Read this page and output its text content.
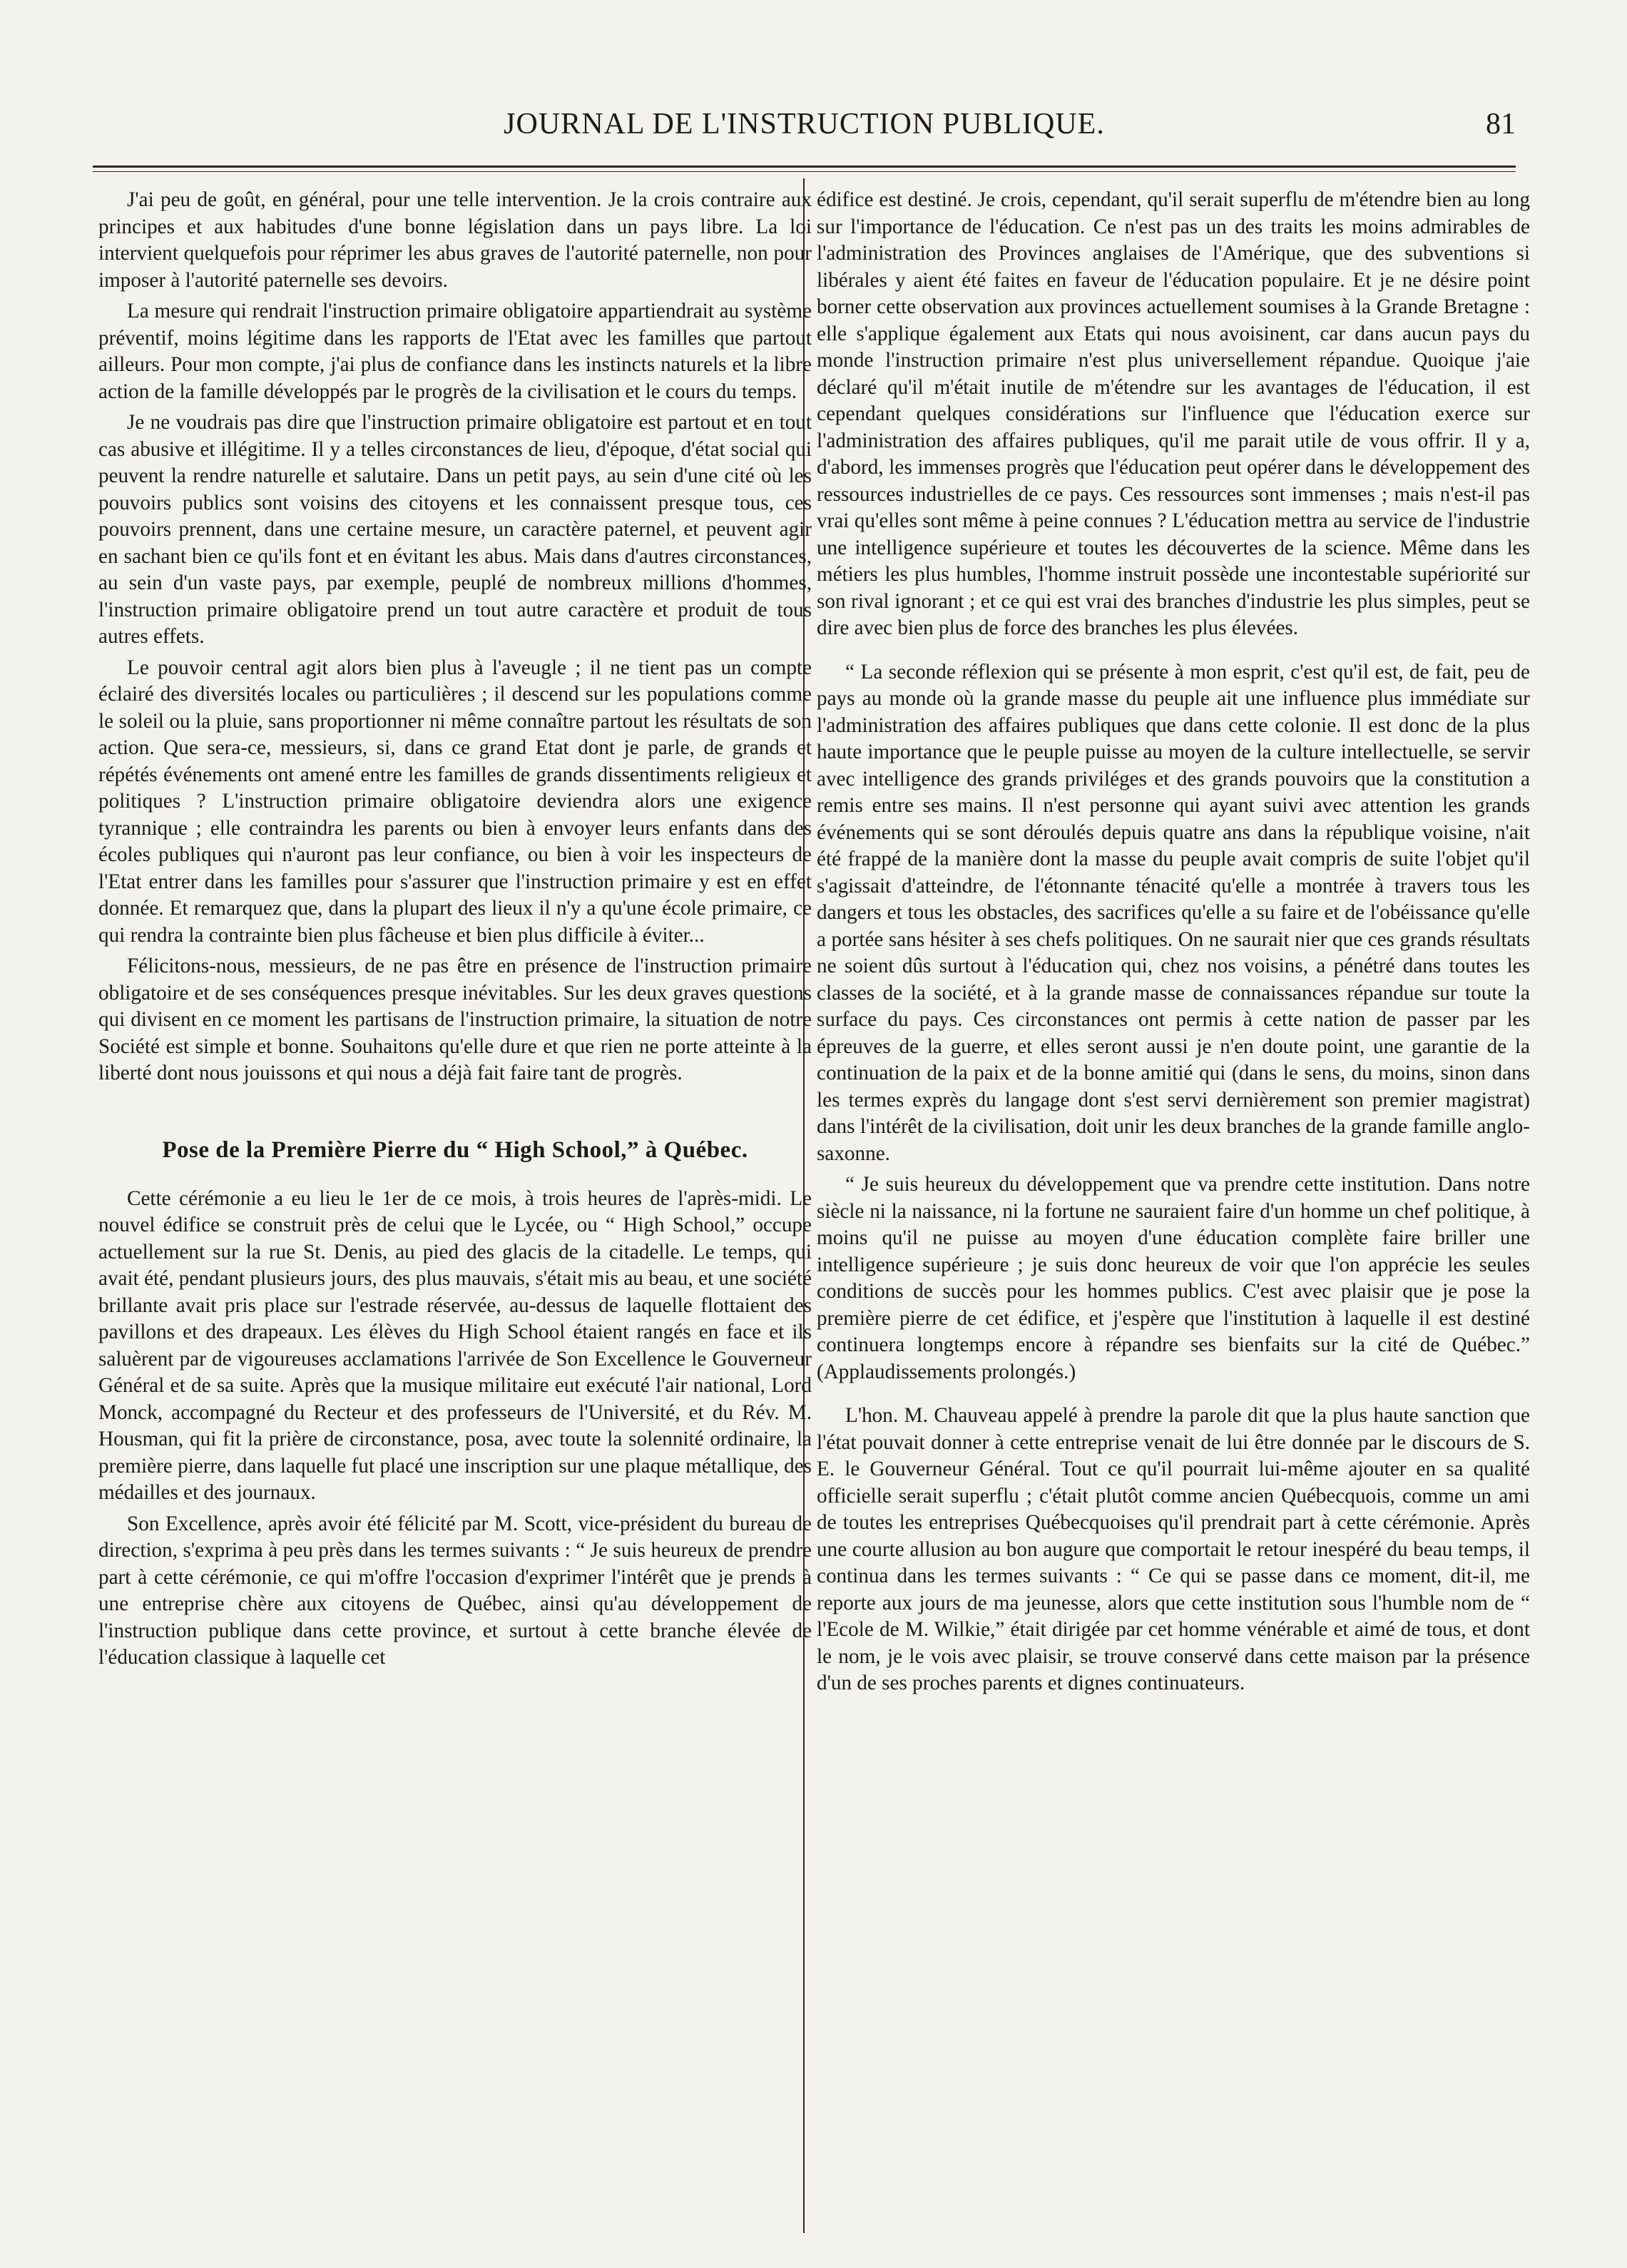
JOURNAL DE L'INSTRUCTION PUBLIQUE.	81

J'ai peu de goût, en général, pour une telle intervention. Je la crois contraire aux principes et aux habitudes d'une bonne législation dans un pays libre. La loi intervient quelquefois pour réprimer les abus graves de l'autorité paternelle, non pour imposer à l'autorité paternelle ses devoirs.

La mesure qui rendrait l'instruction primaire obligatoire appartiendrait au système préventif, moins légitime dans les rapports de l'Etat avec les familles que partout ailleurs. Pour mon compte, j'ai plus de confiance dans les instincts naturels et la libre action de la famille développés par le progrès de la civilisation et le cours du temps.

Je ne voudrais pas dire que l'instruction primaire obligatoire est partout et en tout cas abusive et illégitime. Il y a telles circonstances de lieu, d'époque, d'état social qui peuvent la rendre naturelle et salutaire. Dans un petit pays, au sein d'une cité où les pouvoirs publics sont voisins des citoyens et les connaissent presque tous, ces pouvoirs prennent, dans une certaine mesure, un caractère paternel, et peuvent agir en sachant bien ce qu'ils font et en évitant les abus. Mais dans d'autres circonstances, au sein d'un vaste pays, par exemple, peuplé de nombreux millions d'hommes, l'instruction primaire obligatoire prend un tout autre caractère et produit de tous autres effets.

Le pouvoir central agit alors bien plus à l'aveugle ; il ne tient pas un compte éclairé des diversités locales ou particulières ; il descend sur les populations comme le soleil ou la pluie, sans proportionner ni même connaître partout les résultats de son action. Que sera-ce, messieurs, si, dans ce grand Etat dont je parle, de grands et répétés événements ont amené entre les familles de grands dissentiments religieux et politiques ? L'instruction primaire obligatoire deviendra alors une exigence tyrannique ; elle contraindra les parents ou bien à envoyer leurs enfants dans des écoles publiques qui n'auront pas leur confiance, ou bien à voir les inspecteurs de l'Etat entrer dans les familles pour s'assurer que l'instruction primaire y est en effet donnée. Et remarquez que, dans la plupart des lieux il n'y a qu'une école primaire, ce qui rendra la contrainte bien plus fâcheuse et bien plus difficile à éviter...

Félicitons-nous, messieurs, de ne pas être en présence de l'instruction primaire obligatoire et de ses conséquences presque inévitables. Sur les deux graves questions qui divisent en ce moment les partisans de l'instruction primaire, la situation de notre Société est simple et bonne. Souhaitons qu'elle dure et que rien ne porte atteinte à la liberté dont nous jouissons et qui nous a déjà fait faire tant de progrès.

Pose de la Première Pierre du “ High School,” à Québec.

Cette cérémonie a eu lieu le 1er de ce mois, à trois heures de l'après-midi. Le nouvel édifice se construit près de celui que le Lycée, ou “ High School,” occupe actuellement sur la rue St. Denis, au pied des glacis de la citadelle. Le temps, qui avait été, pendant plusieurs jours, des plus mauvais, s'était mis au beau, et une société brillante avait pris place sur l'estrade réservée, au-dessus de laquelle flottaient des pavillons et des drapeaux. Les élèves du High School étaient rangés en face et ils saluèrent par de vigoureuses acclamations l'arrivée de Son Excellence le Gouverneur Général et de sa suite. Après que la musique militaire eut exécuté l'air national, Lord Monck, accompagné du Recteur et des professeurs de l'Université, et du Rév. M. Housman, qui fit la prière de circonstance, posa, avec toute la solennité ordinaire, la première pierre, dans laquelle fut placé une inscription sur une plaque métallique, des médailles et des journaux.

Son Excellence, après avoir été félicité par M. Scott, vice-président du bureau de direction, s'exprima à peu près dans les termes suivants : “ Je suis heureux de prendre part à cette cérémonie, ce qui m'offre l'occasion d'exprimer l'intérêt que je prends à une entreprise chère aux citoyens de Québec, ainsi qu'au développement de l'instruction publique dans cette province, et surtout à cette branche élevée de l'éducation classique à laquelle cet

édifice est destiné. Je crois, cependant, qu'il serait superflu de m'étendre bien au long sur l'importance de l'éducation. Ce n'est pas un des traits les moins admirables de l'administration des Provinces anglaises de l'Amérique, que des subventions si libérales y aient été faites en faveur de l'éducation populaire. Et je ne désire point borner cette observation aux provinces actuellement soumises à la Grande Bretagne : elle s'applique également aux Etats qui nous avoisinent, car dans aucun pays du monde l'instruction primaire n'est plus universellement répandue. Quoique j'aie déclaré qu'il m'était inutile de m'étendre sur les avantages de l'éducation, il est cependant quelques considérations sur l'influence que l'éducation exerce sur l'administration des affaires publiques, qu'il me parait utile de vous offrir. Il y a, d'abord, les immenses progrès que l'éducation peut opérer dans le développement des ressources industrielles de ce pays. Ces ressources sont immenses ; mais n'est-il pas vrai qu'elles sont même à peine connues ? L'éducation mettra au service de l'industrie une intelligence supérieure et toutes les découvertes de la science. Même dans les métiers les plus humbles, l'homme instruit possède une incontestable supériorité sur son rival ignorant ; et ce qui est vrai des branches d'industrie les plus simples, peut se dire avec bien plus de force des branches les plus élevées.

“ La seconde réflexion qui se présente à mon esprit, c'est qu'il est, de fait, peu de pays au monde où la grande masse du peuple ait une influence plus immédiate sur l'administration des affaires publiques que dans cette colonie. Il est donc de la plus haute importance que le peuple puisse au moyen de la culture intellectuelle, se servir avec intelligence des grands priviléges et des grands pouvoirs que la constitution a remis entre ses mains. Il n'est personne qui ayant suivi avec attention les grands événements qui se sont déroulés depuis quatre ans dans la république voisine, n'ait été frappé de la manière dont la masse du peuple avait compris de suite l'objet qu'il s'agissait d'atteindre, de l'étonnante ténacité qu'elle a montrée à travers tous les dangers et tous les obstacles, des sacrifices qu'elle a su faire et de l'obéissance qu'elle a portée sans hésiter à ses chefs politiques. On ne saurait nier que ces grands résultats ne soient dûs surtout à l'éducation qui, chez nos voisins, a pénétré dans toutes les classes de la société, et à la grande masse de connaissances répandue sur toute la surface du pays. Ces circonstances ont permis à cette nation de passer par les épreuves de la guerre, et elles seront aussi je n'en doute point, une garantie de la continuation de la paix et de la bonne amitié qui (dans le sens, du moins, sinon dans les termes exprès du langage dont s'est servi dernièrement son premier magistrat) dans l'intérêt de la civilisation, doit unir les deux branches de la grande famille anglo-saxonne.

“ Je suis heureux du développement que va prendre cette institution. Dans notre siècle ni la naissance, ni la fortune ne sauraient faire d'un homme un chef politique, à moins qu'il ne puisse au moyen d'une éducation complète faire briller une intelligence supérieure ; je suis donc heureux de voir que l'on apprécie les seules conditions de succès pour les hommes publics. C'est avec plaisir que je pose la première pierre de cet édifice, et j'espère que l'institution à laquelle il est destiné continuera longtemps encore à répandre ses bienfaits sur la cité de Québec.” (Applaudissements prolongés.)

L'hon. M. Chauveau appelé à prendre la parole dit que la plus haute sanction que l'état pouvait donner à cette entreprise venait de lui être donnée par le discours de S. E. le Gouverneur Général. Tout ce qu'il pourrait lui-même ajouter en sa qualité officielle serait superflu ; c'était plutôt comme ancien Québecquois, comme un ami de toutes les entreprises Québecquoises qu'il prendrait part à cette cérémonie. Après une courte allusion au bon augure que comportait le retour inespéré du beau temps, il continua dans les termes suivants : “ Ce qui se passe dans ce moment, dit-il, me reporte aux jours de ma jeunesse, alors que cette institution sous l'humble nom de “ l'Ecole de M. Wilkie,” était dirigée par cet homme vénérable et aimé de tous, et dont le nom, je le vois avec plaisir, se trouve conservé dans cette maison par la présence d'un de ses proches parents et dignes continuateurs.
